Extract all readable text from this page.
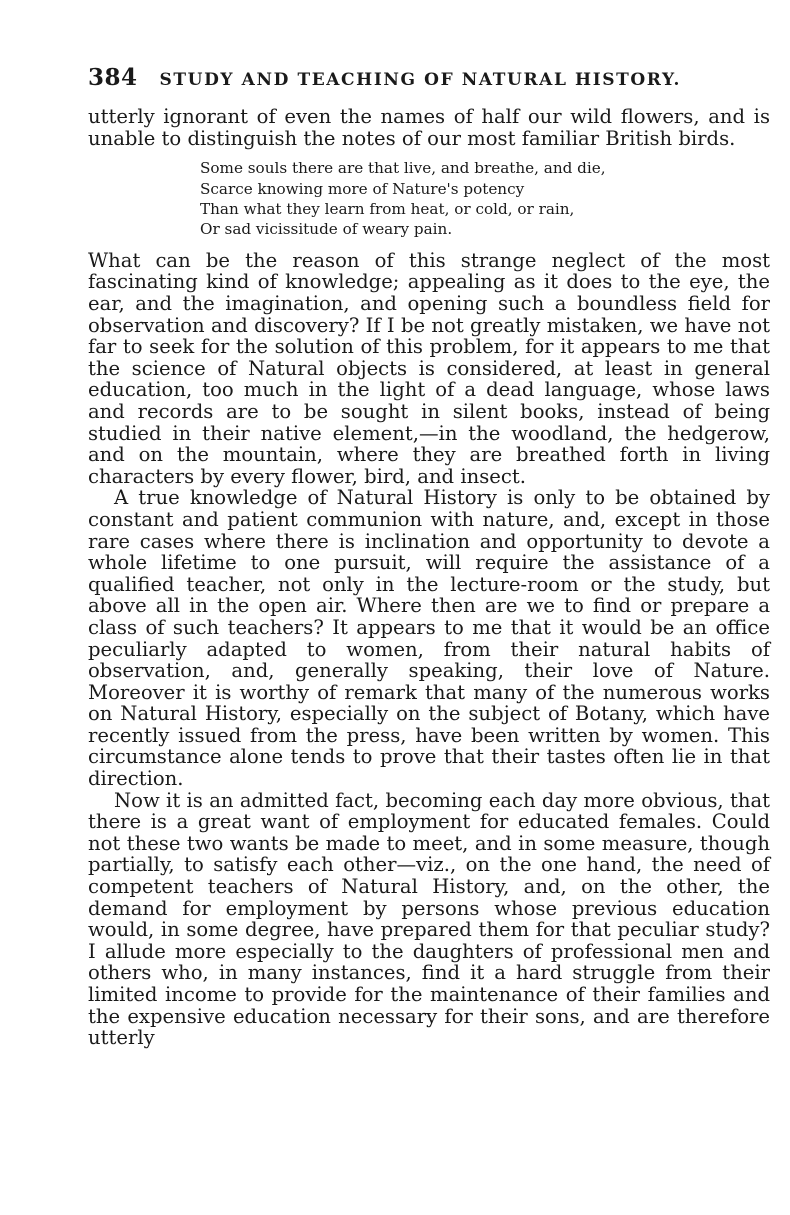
384 STUDY AND TEACHING OF NATURAL HISTORY.

utterly ignorant of even the names of half our wild flowers, and is unable to distinguish the notes of our most familiar British birds.

Some souls there are that live, and breathe, and die,
Scarce knowing more of Nature's potency
Than what they learn from heat, or cold, or rain,
Or sad vicissitude of weary pain.

What can be the reason of this strange neglect of the most fascinating kind of knowledge; appealing as it does to the eye, the ear, and the imagination, and opening such a boundless field for observation and discovery? If I be not greatly mistaken, we have not far to seek for the solution of this problem, for it appears to me that the science of Natural objects is considered, at least in general education, too much in the light of a dead language, whose laws and records are to be sought in silent books, instead of being studied in their native element,—in the woodland, the hedgerow, and on the mountain, where they are breathed forth in living characters by every flower, bird, and insect.

A true knowledge of Natural History is only to be obtained by constant and patient communion with nature, and, except in those rare cases where there is inclination and opportunity to devote a whole lifetime to one pursuit, will require the assistance of a qualified teacher, not only in the lecture-room or the study, but above all in the open air. Where then are we to find or prepare a class of such teachers? It appears to me that it would be an office peculiarly adapted to women, from their natural habits of observation, and, generally speaking, their love of Nature. Moreover it is worthy of remark that many of the numerous works on Natural History, especially on the subject of Botany, which have recently issued from the press, have been written by women. This circumstance alone tends to prove that their tastes often lie in that direction.

Now it is an admitted fact, becoming each day more obvious, that there is a great want of employment for educated females. Could not these two wants be made to meet, and in some measure, though partially, to satisfy each other—viz., on the one hand, the need of competent teachers of Natural History, and, on the other, the demand for employment by persons whose previous education would, in some degree, have prepared them for that peculiar study? I allude more especially to the daughters of professional men and others who, in many instances, find it a hard struggle from their limited income to provide for the maintenance of their families and the expensive education necessary for their sons, and are therefore utterly
